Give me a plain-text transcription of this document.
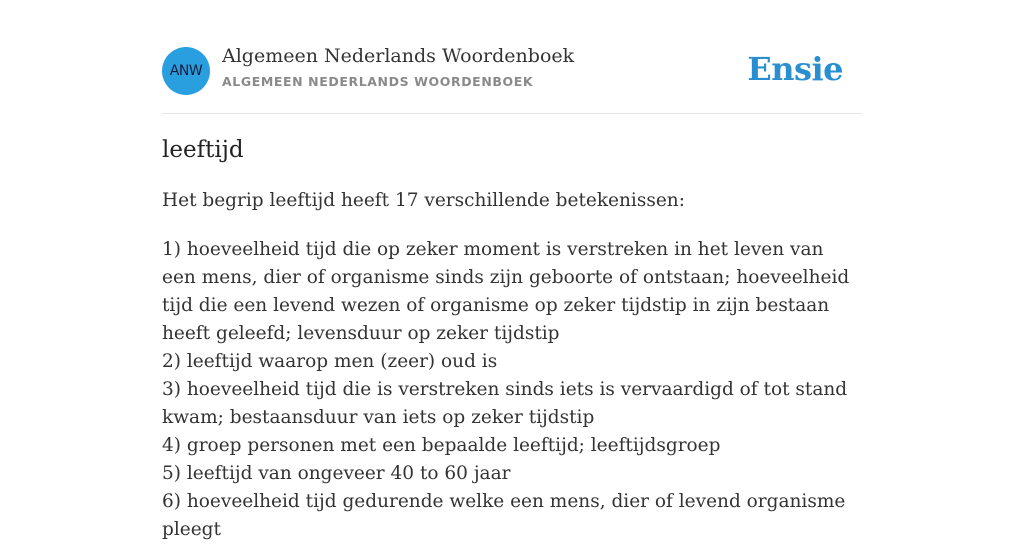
ANW
Algemeen Nederlands Woordenboek
ALGEMEEN NEDERLANDS WOORDENBOEK	Ensie
leeftijd
Het begrip leeftijd heeft 17 verschillende betekenissen:
1) hoeveelheid tijd die op zeker moment is verstreken in het leven van een mens, dier of organisme sinds zijn geboorte of ontstaan; hoeveelheid tijd die een levend wezen of organisme op zeker tijdstip in zijn bestaan heeft geleefd; levensduur op zeker tijdstip
2) leeftijd waarop men (zeer) oud is
3) hoeveelheid tijd die is verstreken sinds iets is vervaardigd of tot stand kwam; bestaansduur van iets op zeker tijdstip
4) groep personen met een bepaalde leeftijd; leeftijdsgroep
5) leeftijd van ongeveer 40 to 60 jaar
6) hoeveelheid tijd gedurende welke een mens, dier of levend organisme pleegt
